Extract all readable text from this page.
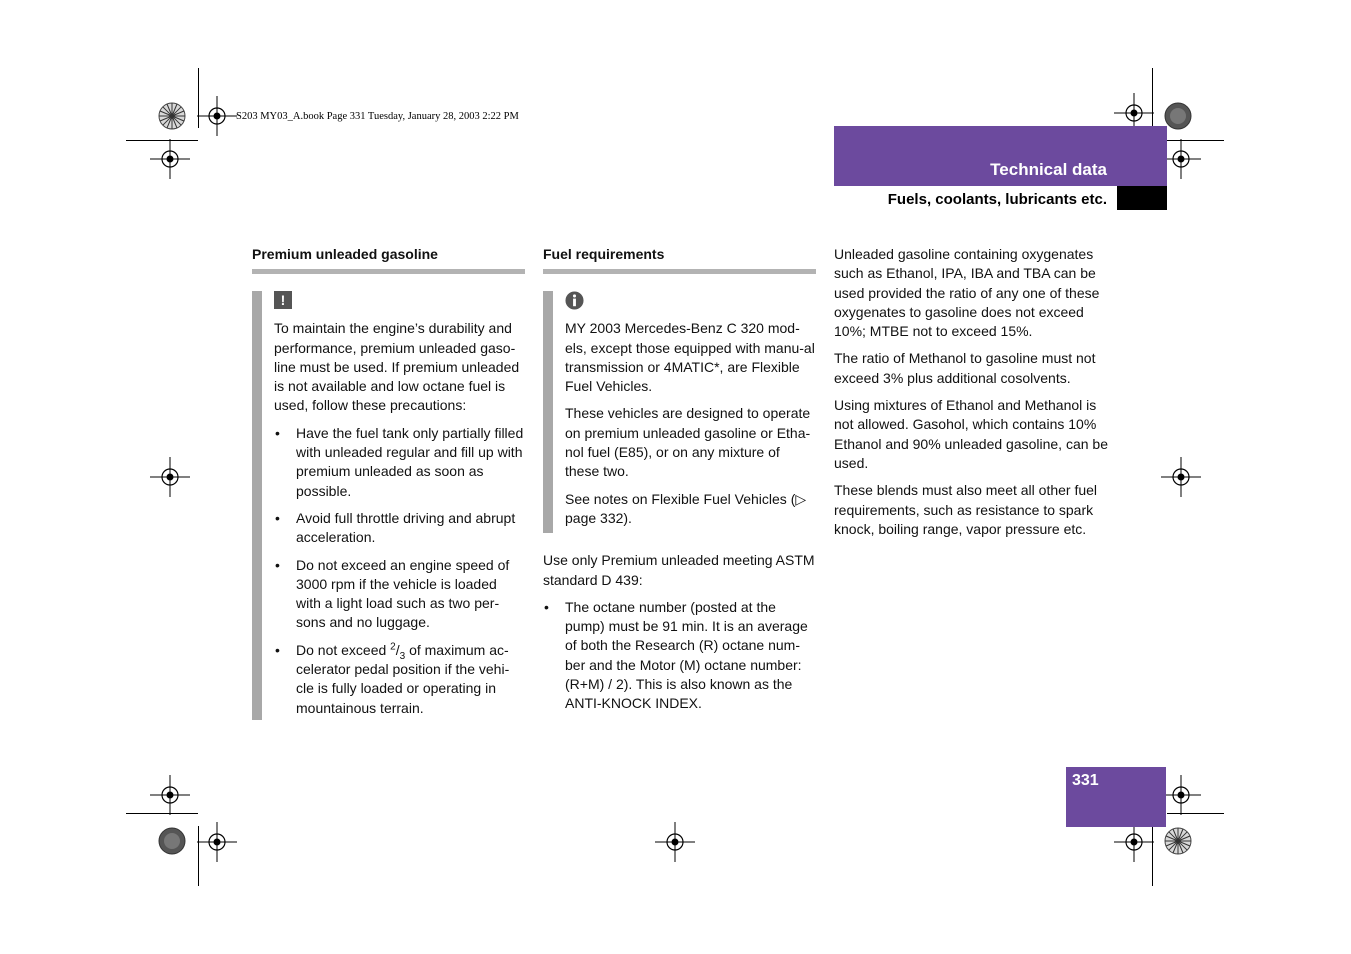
S203 MY03_A.book Page 331 Tuesday, January 28, 2003 2:22 PM
Technical data
Fuels, coolants, lubricants etc.
Premium unleaded gasoline
!

To maintain the engine’s durability and performance, premium unleaded gaso-line must be used. If premium unleaded is not available and low octane fuel is used, follow these precautions:

• Have the fuel tank only partially filled with unleaded regular and fill up with premium unleaded as soon as possible.
• Avoid full throttle driving and abrupt acceleration.
• Do not exceed an engine speed of 3000 rpm if the vehicle is loaded with a light load such as two per-sons and no luggage.
• Do not exceed $^2/_3$ of maximum ac-celerator pedal position if the vehi-cle is fully loaded or operating in mountainous terrain.
Fuel requirements

MY 2003 Mercedes-Benz C 320 mod-els, except those equipped with manu-al transmission or 4MATIC*, are Flexible Fuel Vehicles.

These vehicles are designed to operate on premium unleaded gasoline or Etha-nol fuel (E85), or on any mixture of these two.

See notes on Flexible Fuel Vehicles (▷ page 332).

Use only Premium unleaded meeting ASTM standard D 439:

• The octane number (posted at the pump) must be 91 min. It is an average of both the Research (R) octane num-ber and the Motor (M) octane number: (R+M) / 2). This is also known as the ANTI-KNOCK INDEX.

Unleaded gasoline containing oxygenates such as Ethanol, IPA, IBA and TBA can be used provided the ratio of any one of these oxygenates to gasoline does not exceed 10%; MTBE not to exceed 15%.

The ratio of Methanol to gasoline must not exceed 3% plus additional cosolvents.

Using mixtures of Ethanol and Methanol is not allowed. Gasohol, which contains 10% Ethanol and 90% unleaded gasoline, can be used.

These blends must also meet all other fuel requirements, such as resistance to spark knock, boiling range, vapor pressure etc.

331
